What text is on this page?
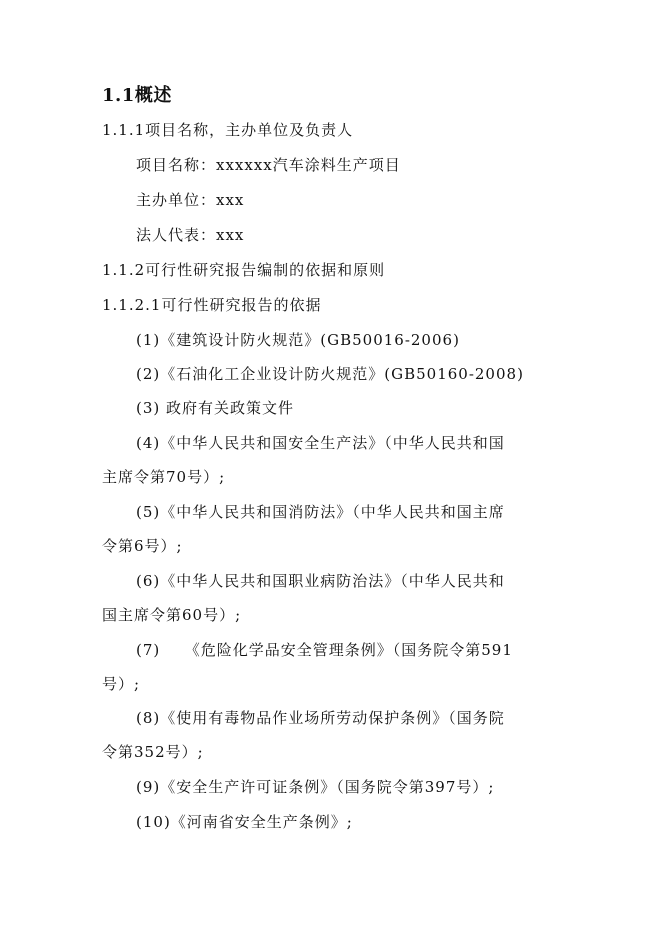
1.1概述
1.1.1项目名称，主办单位及负责人
项目名称：xxxxxx汽车涂料生产项目
主办单位：xxx
法人代表：xxx
1.1.2可行性研究报告编制的依据和原则
1.1.2.1可行性研究报告的依据
(1)《建筑设计防火规范》(GB50016-2006)
(2)《石油化工企业设计防火规范》(GB50160-2008)
(3) 政府有关政策文件
(4)《中华人民共和国安全生产法》（中华人民共和国
主席令第70号）;
(5)《中华人民共和国消防法》（中华人民共和国主席
令第6号）;
(6)《中华人民共和国职业病防治法》（中华人民共和
国主席令第60号）;
(7)　　《危险化学品安全管理条例》（国务院令第591
号）;
(8)《使用有毒物品作业场所劳动保护条例》（国务院
令第352号）;
(9)《安全生产许可证条例》（国务院令第397号）;
(10)《河南省安全生产条例》;
